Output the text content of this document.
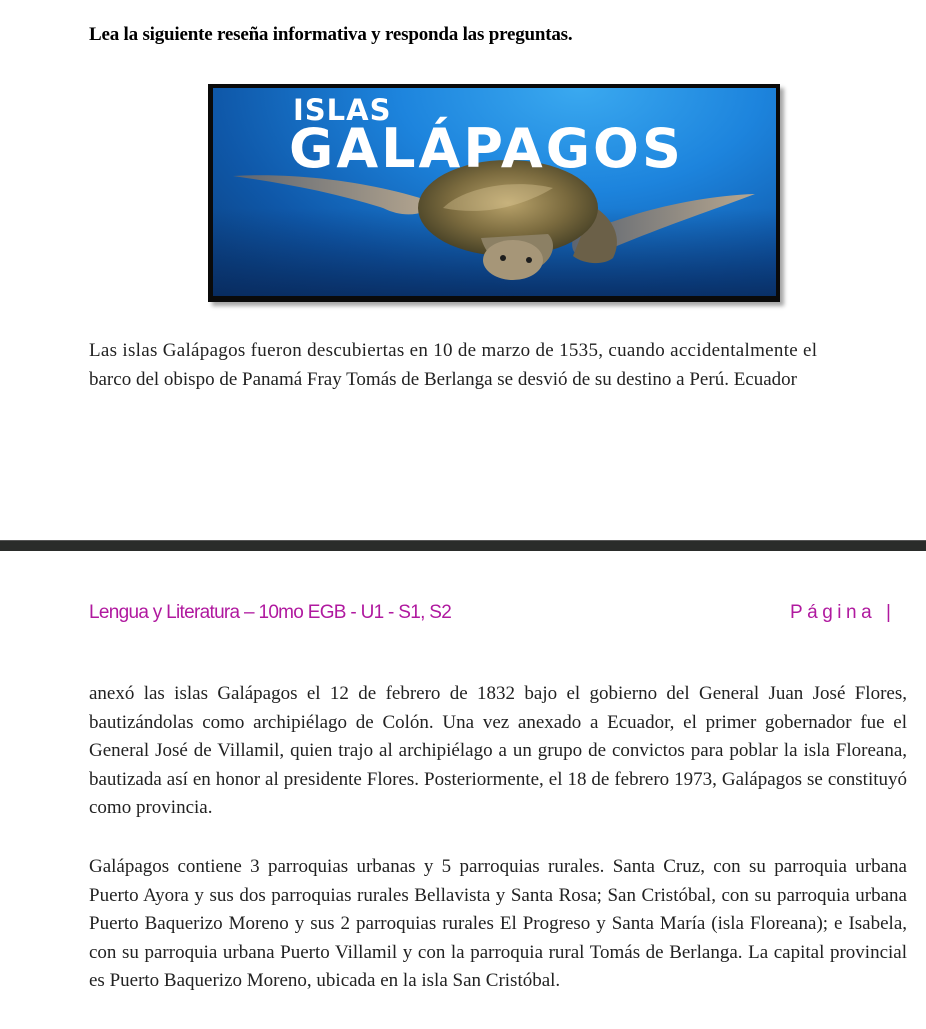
Lea la siguiente reseña informativa y responda las preguntas.
ISLAS
GALÁPAGOS
Las islas Galápagos fueron descubiertas en 10 de marzo de 1535, cuando accidentalmente el
barco del obispo de Panamá Fray Tomás de Berlanga se desvió de su destino a Perú. Ecuador
Lengua y Literatura – 10mo EGB - U1 - S1, S2	Página |
anexó las islas Galápagos el 12 de febrero de 1832 bajo el gobierno del General Juan José Flores, bautizándolas como archipiélago de Colón. Una vez anexado a Ecuador, el primer gobernador fue el General José de Villamil, quien trajo al archipiélago a un grupo de convictos para poblar la isla Floreana, bautizada así en honor al presidente Flores. Posteriormente, el 18 de febrero 1973, Galápagos se constituyó como provincia.
Galápagos contiene 3 parroquias urbanas y 5 parroquias rurales. Santa Cruz, con su parroquia urbana Puerto Ayora y sus dos parroquias rurales Bellavista y Santa Rosa; San Cristóbal, con su parroquia urbana Puerto Baquerizo Moreno y sus 2 parroquias rurales El Progreso y Santa María (isla Floreana); e Isabela, con su parroquia urbana Puerto Villamil y con la parroquia rural Tomás de Berlanga. La capital provincial es Puerto Baquerizo Moreno, ubicada en la isla San Cristóbal.
